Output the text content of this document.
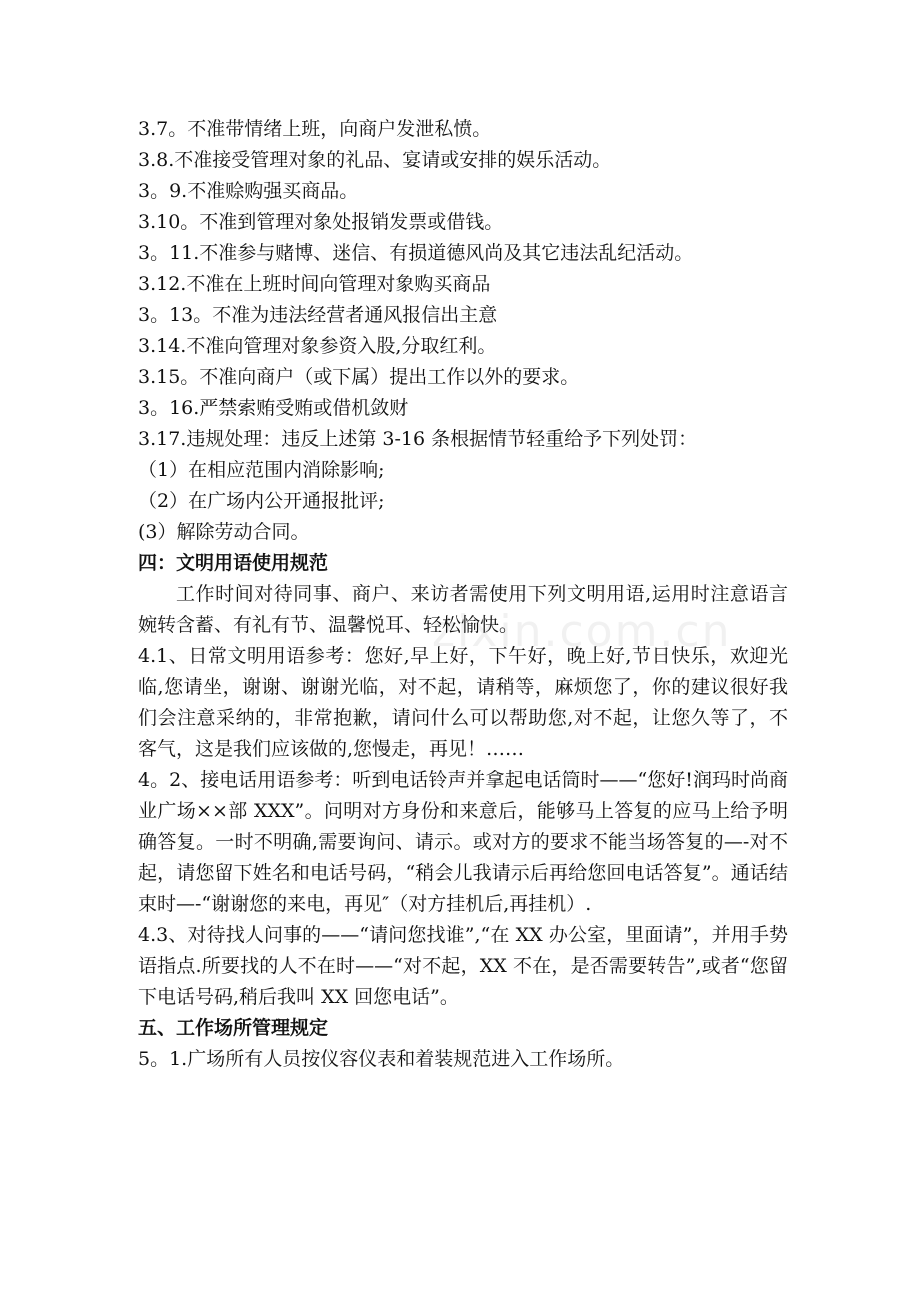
zixin.com.cn

3.7。不准带情绪上班，向商户发泄私愤。

3.8.不准接受管理对象的礼品、宴请或安排的娱乐活动。

3。9.不准赊购强买商品。

3.10。不准到管理对象处报销发票或借钱。

3。11.不准参与赌博、迷信、有损道德风尚及其它违法乱纪活动。

3.12.不准在上班时间向管理对象购买商品

3。13。不准为违法经营者通风报信出主意

3.14.不准向管理对象参资入股,分取红利。

3.15。不准向商户（或下属）提出工作以外的要求。

3。16.严禁索贿受贿或借机敛财

3.17.违规处理：违反上述第 3-16 条根据情节轻重给予下列处罚：

（1）在相应范围内消除影响;

（2）在广场内公开通报批评;

(3）解除劳动合同。

四：文明用语使用规范

工作时间对待同事、商户、来访者需使用下列文明用语,运用时注意语言婉转含蓄、有礼有节、温馨悦耳、轻松愉快。

4.1、日常文明用语参考：您好,早上好，下午好，晚上好,节日快乐，欢迎光临,您请坐，谢谢、谢谢光临，对不起，请稍等，麻烦您了，你的建议很好我们会注意采纳的，非常抱歉，请问什么可以帮助您,对不起，让您久等了，不客气，这是我们应该做的,您慢走，再见！……

4。2、接电话用语参考：听到电话铃声并拿起电话筒时——“您好!润玛时尚商业广场××部 XXX”。问明对方身份和来意后，能够马上答复的应马上给予明确答复。一时不明确,需要询问、请示。或对方的要求不能当场答复的—-对不起，请您留下姓名和电话号码，“稍会儿我请示后再给您回电话答复”。通话结束时—-“谢谢您的来电，再见″（对方挂机后,再挂机）.

4.3、对待找人问事的——“请问您找谁”,“在 XX 办公室，里面请”，并用手势语指点.所要找的人不在时——“对不起，XX 不在，是否需要转告”,或者“您留下电话号码,稍后我叫 XX 回您电话”。

五、工作场所管理规定

5。1.广场所有人员按仪容仪表和着装规范进入工作场所。
